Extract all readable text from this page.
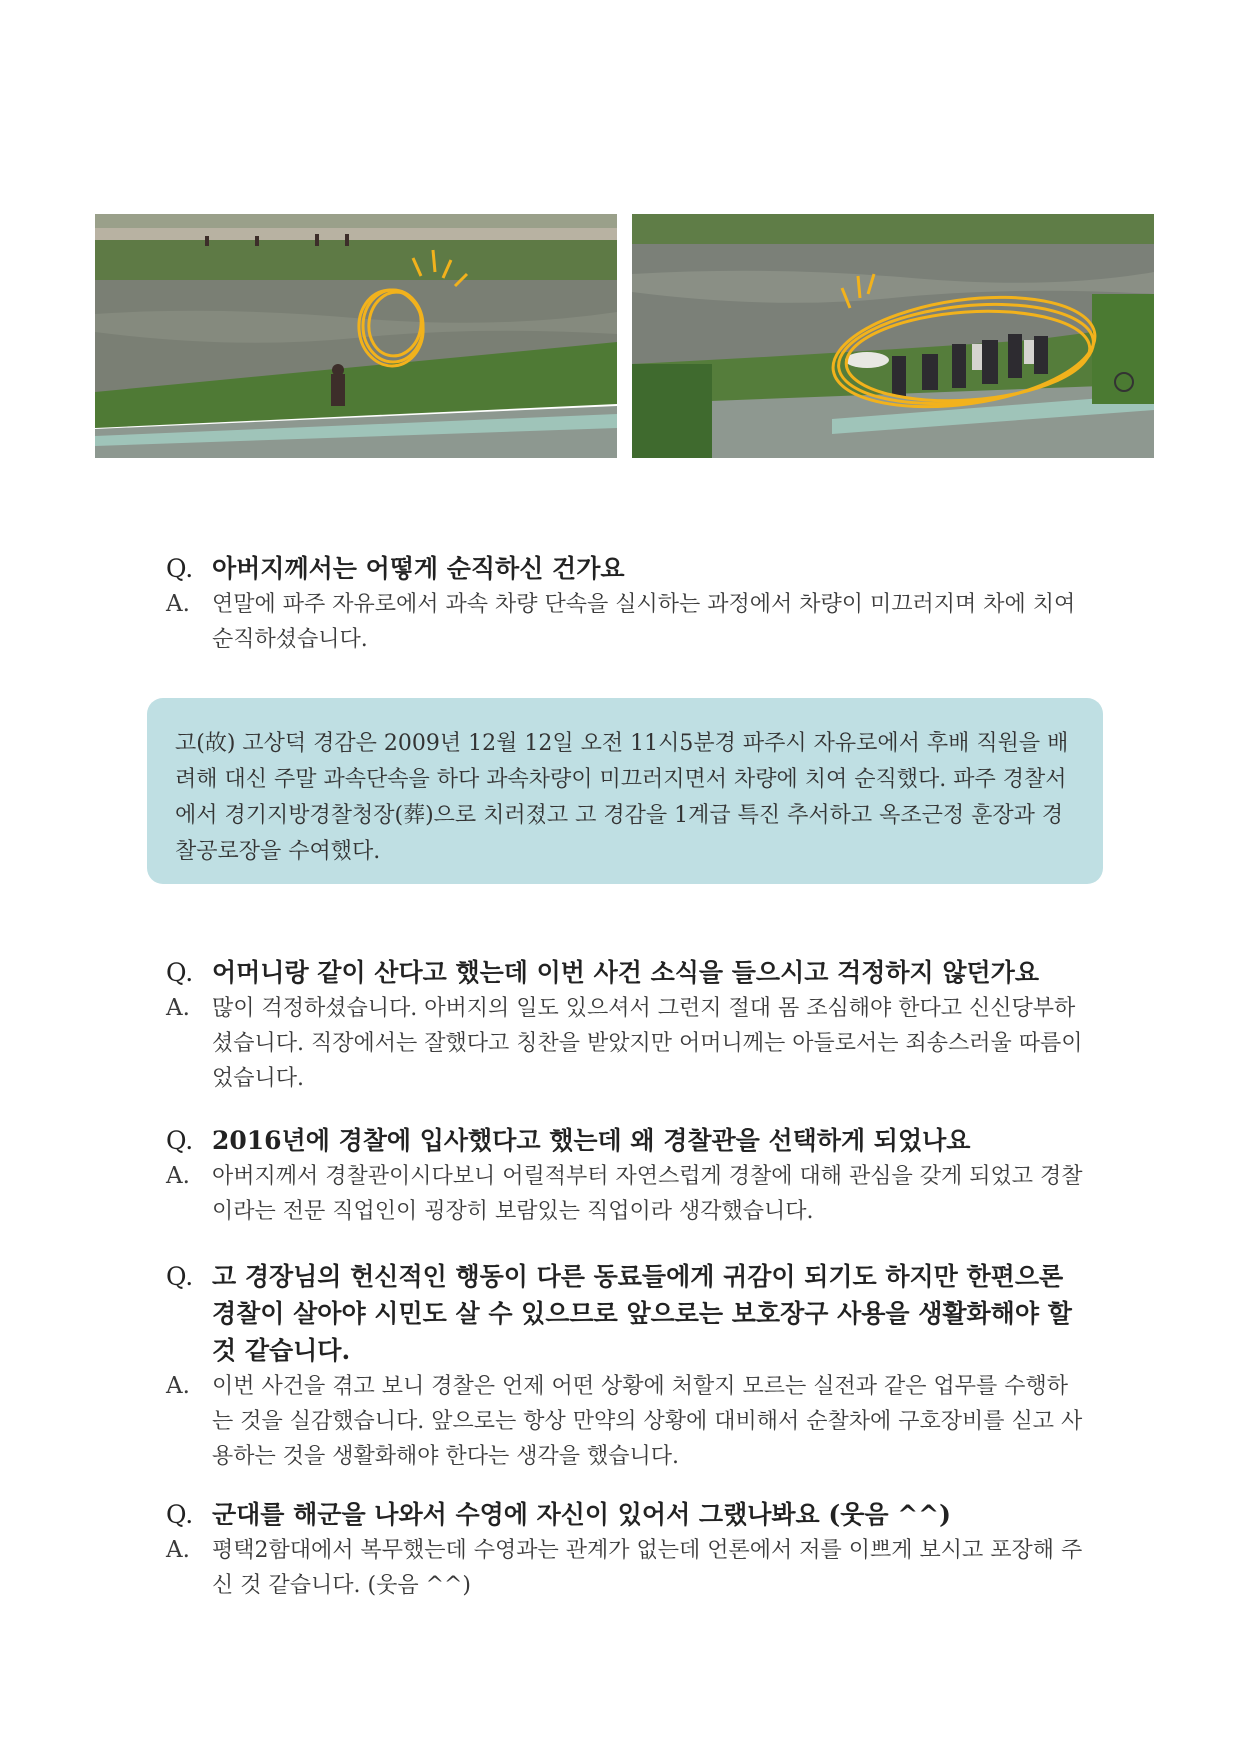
Q. 아버지께서는 어떻게 순직하신 건가요
A. 연말에 파주 자유로에서 과속 차량 단속을 실시하는 과정에서 차량이 미끄러지며 차에 치여 순직하셨습니다.
고(故) 고상덕 경감은 2009년 12월 12일 오전 11시5분경 파주시 자유로에서 후배 직원을 배려해 대신 주말 과속단속을 하다 과속차량이 미끄러지면서 차량에 치여 순직했다. 파주 경찰서에서 경기지방경찰청장(葬)으로 치러졌고 고 경감을 1계급 특진 추서하고 옥조근정 훈장과 경찰공로장을 수여했다.
Q. 어머니랑 같이 산다고 했는데 이번 사건 소식을 들으시고 걱정하지 않던가요
A. 많이 걱정하셨습니다. 아버지의 일도 있으셔서 그런지 절대 몸 조심해야 한다고 신신당부하셨습니다. 직장에서는 잘했다고 칭찬을 받았지만 어머니께는 아들로서는 죄송스러울 따름이었습니다.
Q. 2016년에 경찰에 입사했다고 했는데 왜 경찰관을 선택하게 되었나요
A. 아버지께서 경찰관이시다보니 어릴적부터 자연스럽게 경찰에 대해 관심을 갖게 되었고 경찰이라는 전문 직업인이 굉장히 보람있는 직업이라 생각했습니다.
Q. 고 경장님의 헌신적인 행동이 다른 동료들에게 귀감이 되기도 하지만 한편으론 경찰이 살아야 시민도 살 수 있으므로 앞으로는 보호장구 사용을 생활화해야 할 것 같습니다.
A. 이번 사건을 겪고 보니 경찰은 언제 어떤 상황에 처할지 모르는 실전과 같은 업무를 수행하는 것을 실감했습니다. 앞으로는 항상 만약의 상황에 대비해서 순찰차에 구호장비를 싣고 사용하는 것을 생활화해야 한다는 생각을 했습니다.
Q. 군대를 해군을 나와서 수영에 자신이 있어서 그랬나봐요 (웃음 ^^)
A. 평택2함대에서 복무했는데 수영과는 관계가 없는데 언론에서 저를 이쁘게 보시고 포장해 주신 것 같습니다. (웃음 ^^)
